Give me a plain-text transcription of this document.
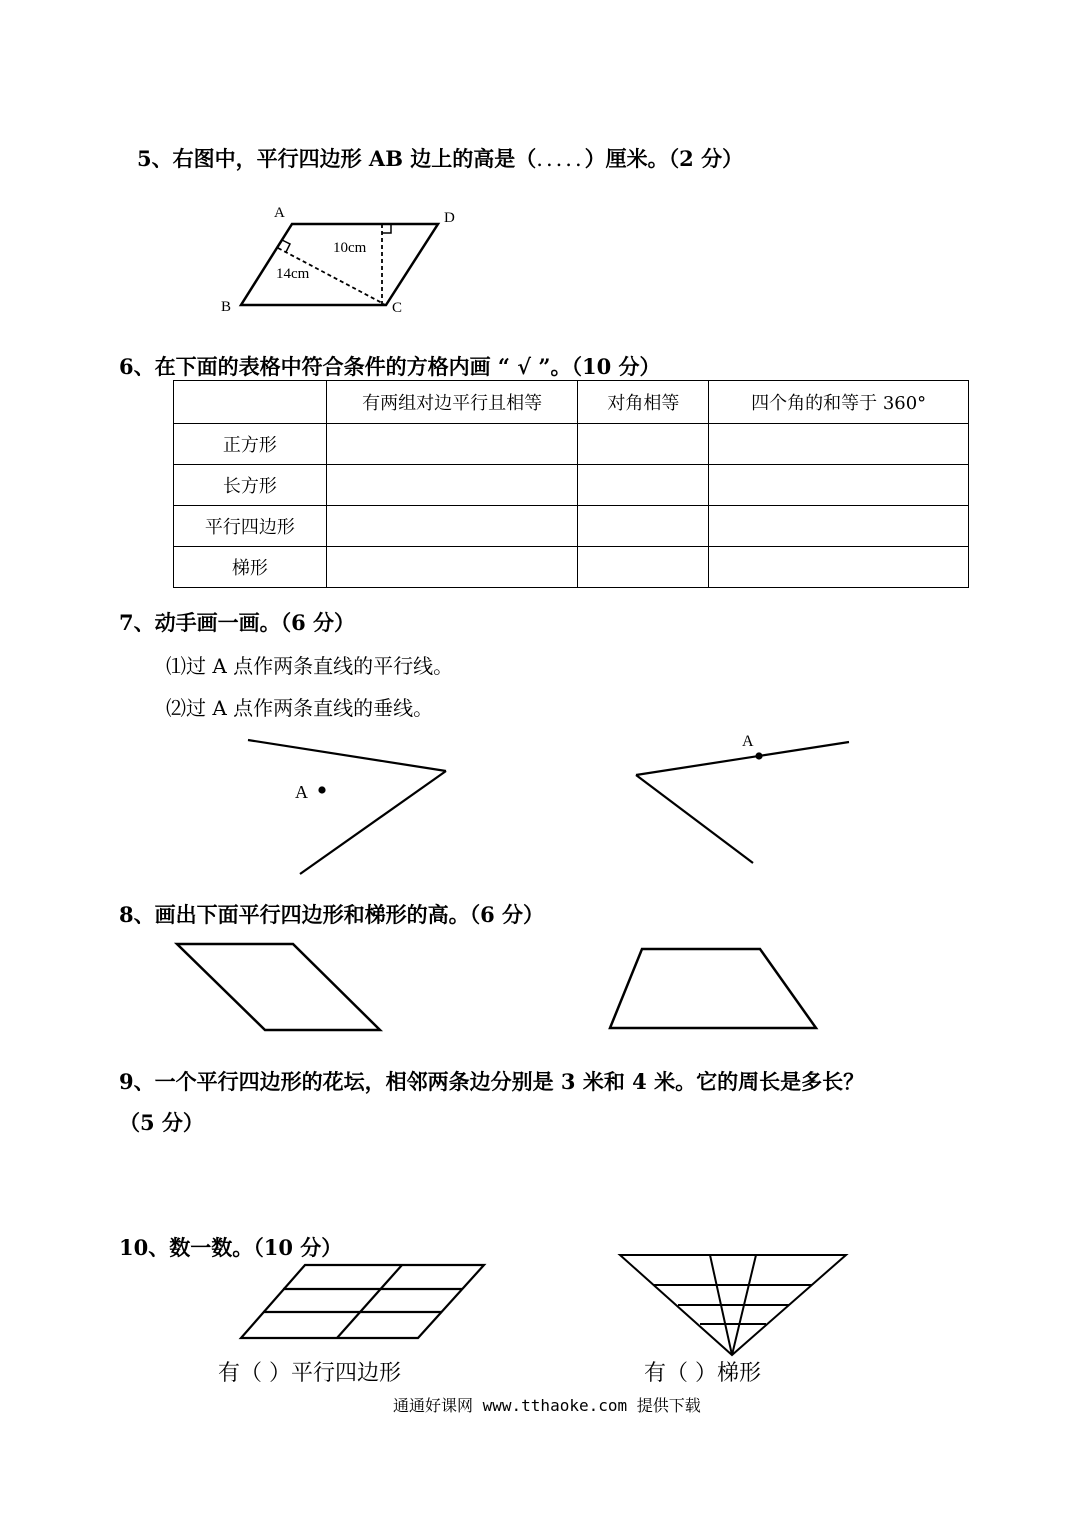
5、右图中，平行四边形 AB 边上的高是（.....）厘米。（2 分）
A	D
B	C
10cm
14cm
6、在下面的表格中符合条件的方格内画 “ √ ”。（10 分）
	有两组对边平行且相等	对角相等	四个角的和等于 360°
正方形			
长方形			
平行四边形			
梯形			
7、动手画一画。（6 分）
⑴过 A 点作两条直线的平行线。
⑵过 A 点作两条直线的垂线。
A
A
8、画出下面平行四边形和梯形的高。（6 分）
9、一个平行四边形的花坛，相邻两条边分别是 3 米和 4 米。它的周长是多长？
（5 分）
10、数一数。（10 分）
有（ ）平行四边形	有（ ）梯形
通通好课网 www.tthaoke.com 提供下载
